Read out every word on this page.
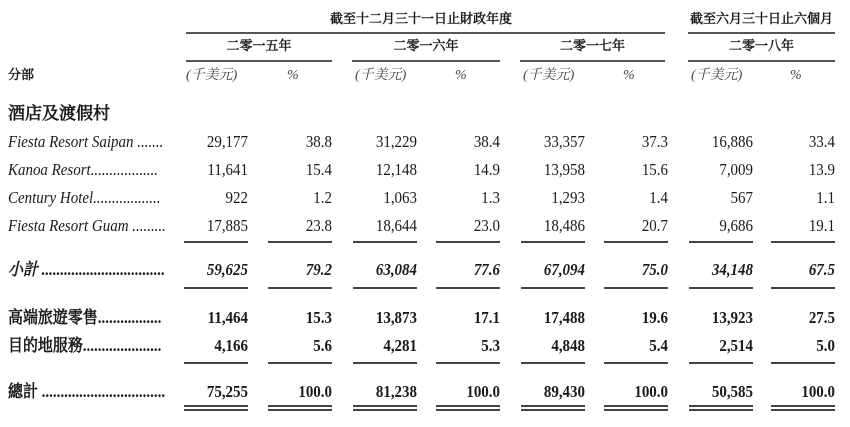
截至十二月三十一日止財政年度	截至六月三十日止六個月
二零一五年	二零一六年	二零一七年	二零一八年
分部
酒店及渡假村
(千美元)	%	(千美元)	%	(千美元)	%	(千美元)	%
Fiesta Resort Saipan .......	29,177	38.8	31,229	38.4	33,357	37.3	16,886	33.4
Kanoa Resort..................	11,641	15.4	12,148	14.9	13,958	15.6	7,009	13.9
Century Hotel..................	922	1.2	1,063	1.3	1,293	1.4	567	1.1
Fiesta Resort Guam .........	17,885	23.8	18,644	23.0	18,486	20.7	9,686	19.1
小計 .................................	59,625	79.2	63,084	77.6	67,094	75.0	34,148	67.5
高端旅遊零售.................	11,464	15.3	13,873	17.1	17,488	19.6	13,923	27.5
目的地服務.....................	4,166	5.6	4,281	5.3	4,848	5.4	2,514	5.0
總計 .................................	75,255	100.0	81,238	100.0	89,430	100.0	50,585	100.0
